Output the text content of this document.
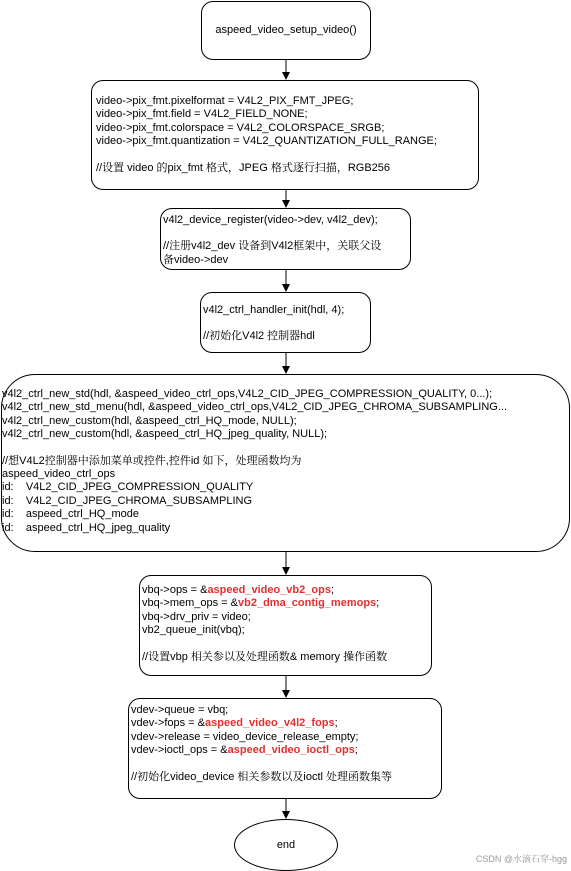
aspeed_video_setup_video()
video->pix_fmt.pixelformat = V4L2_PIX_FMT_JPEG;
video->pix_fmt.field = V4L2_FIELD_NONE;
video->pix_fmt.colorspace = V4L2_COLORSPACE_SRGB;
video->pix_fmt.quantization = V4L2_QUANTIZATION_FULL_RANGE;
//设置 video 的pix_fmt 格式，JPEG 格式逐行扫描，RGB256
v4l2_device_register(video->dev, v4l2_dev);
//注册v4l2_dev 设备到V4l2框架中，关联父设
备video->dev
v4l2_ctrl_handler_init(hdl, 4);
//初始化V4l2 控制器hdl
v4l2_ctrl_new_std(hdl, &aspeed_video_ctrl_ops,V4L2_CID_JPEG_COMPRESSION_QUALITY, 0...);
v4l2_ctrl_new_std_menu(hdl, &aspeed_video_ctrl_ops,V4L2_CID_JPEG_CHROMA_SUBSAMPLING...
v4l2_ctrl_new_custom(hdl, &aspeed_ctrl_HQ_mode, NULL);
v4l2_ctrl_new_custom(hdl, &aspeed_ctrl_HQ_jpeg_quality, NULL);
//想V4L2控制器中添加菜单或控件,控件id 如下，处理函数均为
aspeed_video_ctrl_ops
id:    V4L2_CID_JPEG_COMPRESSION_QUALITY
id:    V4L2_CID_JPEG_CHROMA_SUBSAMPLING
id:    aspeed_ctrl_HQ_mode
id:    aspeed_ctrl_HQ_jpeg_quality
vbq->ops = &aspeed_video_vb2_ops;
vbq->mem_ops = &vb2_dma_contig_memops;
vbq->drv_priv = video;
vb2_queue_init(vbq);
//设置vbp 相关参以及处理函数& memory 操作函数
vdev->queue = vbq;
vdev->fops = &aspeed_video_v4l2_fops;
vdev->release = video_device_release_empty;
vdev->ioctl_ops = &aspeed_video_ioctl_ops;
//初始化video_device 相关参数以及ioctl 处理函数集等
end
CSDN @水滴石穿-hgg
